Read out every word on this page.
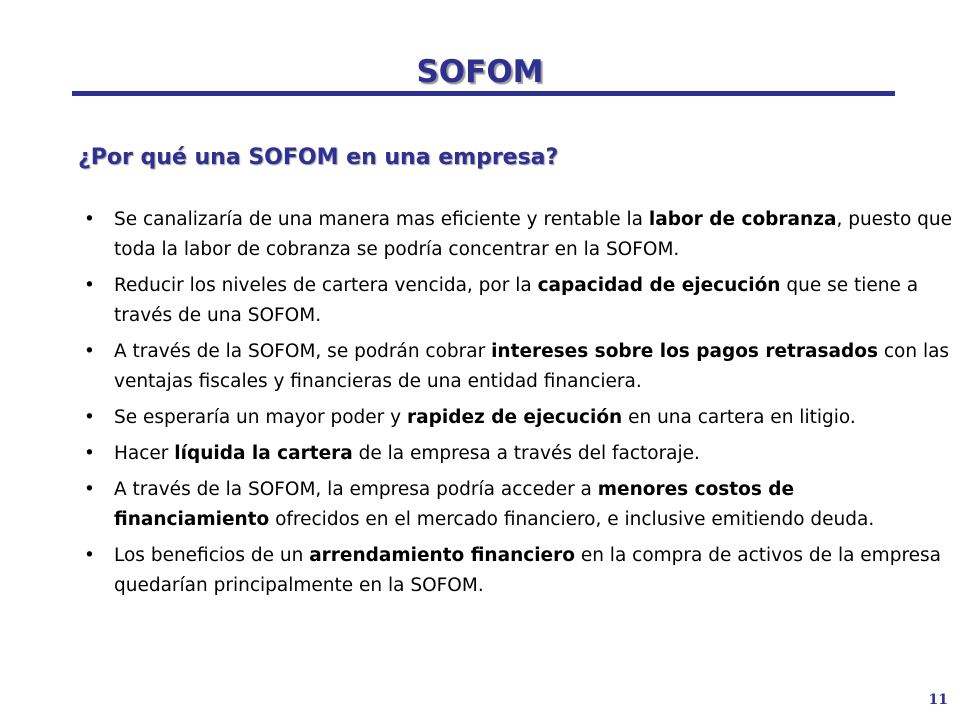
SOFOM
¿Por qué una SOFOM en una empresa?
•	Se canalizaría de una manera mas eficiente y rentable la labor de cobranza, puesto que toda la labor de cobranza se podría concentrar en la SOFOM.
•	Reducir los niveles de cartera vencida, por la capacidad de ejecución que se tiene a través de una SOFOM.
•	A través de la SOFOM, se podrán cobrar intereses sobre los pagos retrasados con las ventajas fiscales y financieras de una entidad financiera.
•	Se esperaría un mayor poder y rapidez de ejecución en una cartera en litigio.
•	Hacer líquida la cartera de la empresa a través del factoraje.
•	A través de la SOFOM, la empresa podría acceder a menores costos de financiamiento ofrecidos en el mercado financiero, e inclusive emitiendo deuda.
•	Los beneficios de un arrendamiento financiero en la compra de activos de la empresa quedarían principalmente en la SOFOM.
11
